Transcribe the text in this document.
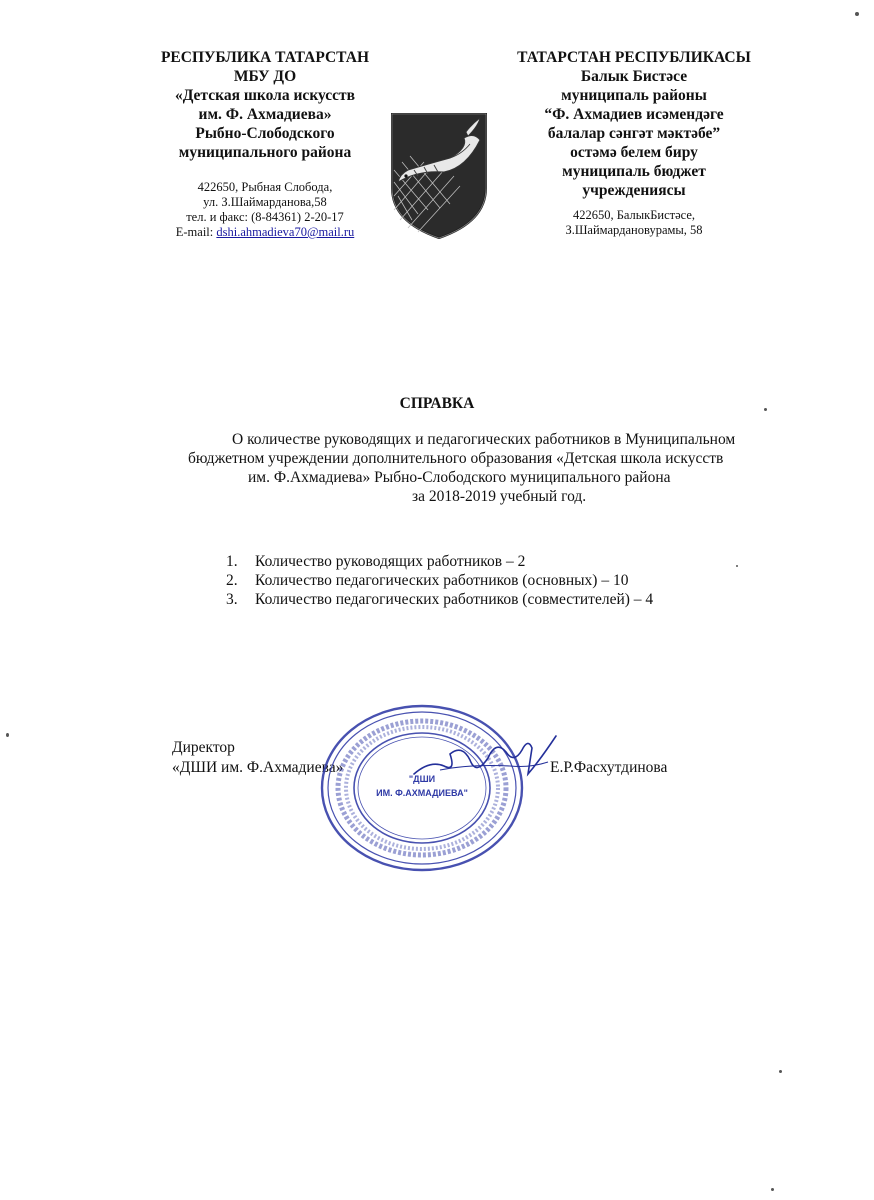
РЕСПУБЛИКА ТАТАРСТАН

МБУ ДО

«Детская школа искусств

им. Ф. Ахмадиева»

Рыбно-Слободского

муниципального района

422650, Рыбная Слобода,

ул. З.Шаймарданова,58

тел. и факс: (8-84361) 2-20-17

E-mail: dshi.ahmadieva70@mail.ru

ТАТАРСТАН РЕСПУБЛИКАСЫ

Балык Бистәсе

муниципаль районы

“Ф. Ахмадиев исәмендәге

балалар сәнгәт мәктәбе”

остәмә белем биру

муниципаль бюджет

учреждениясы

422650, БалыкБистәсе,

З.Шаймардановурамы, 58

СПРАВКА

О количестве руководящих и педагогических работников в Муниципальном

бюджетном учреждении дополнительного образования «Детская школа искусств

им. Ф.Ахмадиева» Рыбно-Слободского муниципального района

за 2018-2019 учебный год.

1. Количество руководящих работников – 2
2. Количество педагогических работников (основных) – 10
3. Количество педагогических работников (совместителей) – 4

Директор

«ДШИ им. Ф.Ахмадиева»	Е.Р.Фасхутдинова
"ДШИ
ИМ. Ф.АХМАДИЕВА"
